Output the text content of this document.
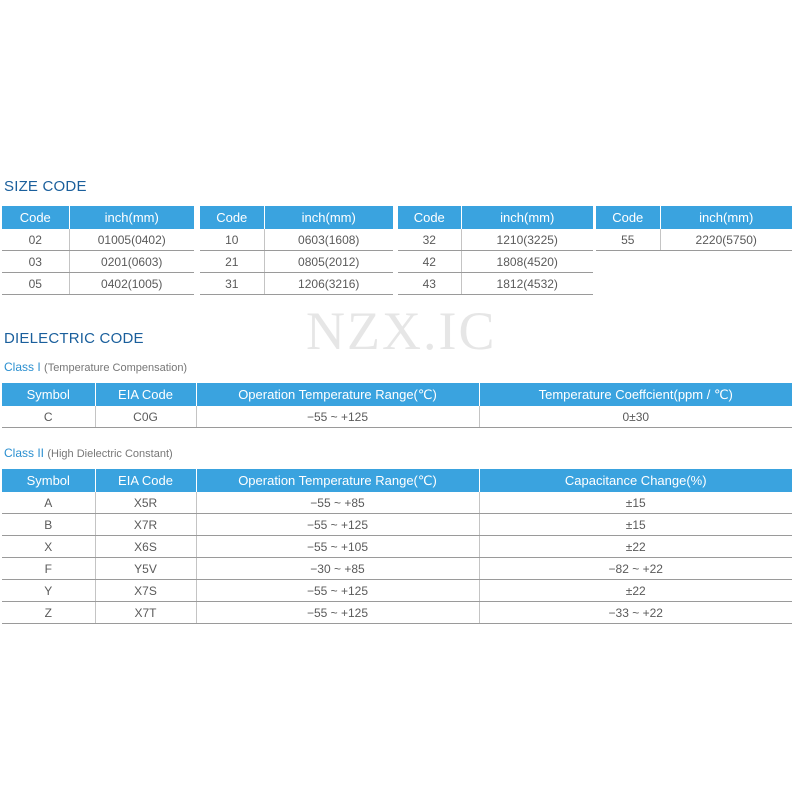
SIZE CODE
Code	inch(mm)
02	01005(0402)
03	0201(0603)
05	0402(1005)
Code	inch(mm)
10	0603(1608)
21	0805(2012)
31	1206(3216)
Code	inch(mm)
32	1210(3225)
42	1808(4520)
43	1812(4532)
Code	inch(mm)
55	2220(5750)
NZX.IC
DIELECTRIC CODE
Class I (Temperature Compensation)
Symbol	EIA Code	Operation Temperature Range(℃)	Temperature Coeffcient(ppm / ℃)
C	C0G	−55 ~ +125	0±30
Class II (High Dielectric Constant)
Symbol	EIA Code	Operation Temperature Range(℃)	Capacitance Change(%)
A	X5R	−55 ~ +85	±15
B	X7R	−55 ~ +125	±15
X	X6S	−55 ~ +105	±22
F	Y5V	−30 ~ +85	−82 ~ +22
Y	X7S	−55 ~ +125	±22
Z	X7T	−55 ~ +125	−33 ~ +22
